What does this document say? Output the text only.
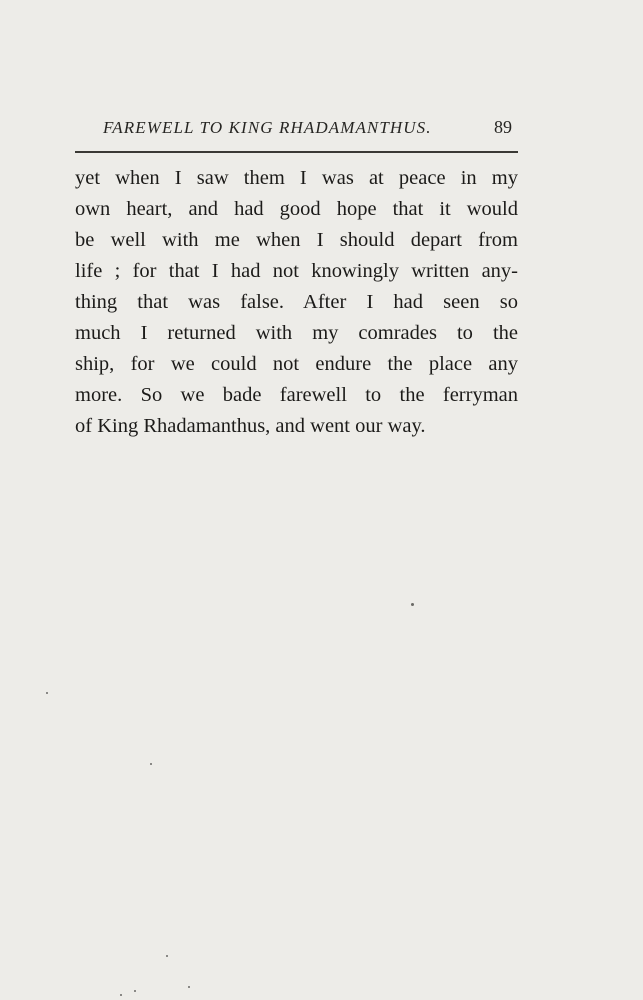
FAREWELL TO KING RHADAMANTHUS.	89
yet when I saw them I was at peace in my
own heart, and had good hope that it would
be well with me when I should depart from
life ; for that I had not knowingly written any-
thing that was false. After I had seen so
much I returned with my comrades to the
ship, for we could not endure the place any
more. So we bade farewell to the ferryman
of King Rhadamanthus, and went our way.
